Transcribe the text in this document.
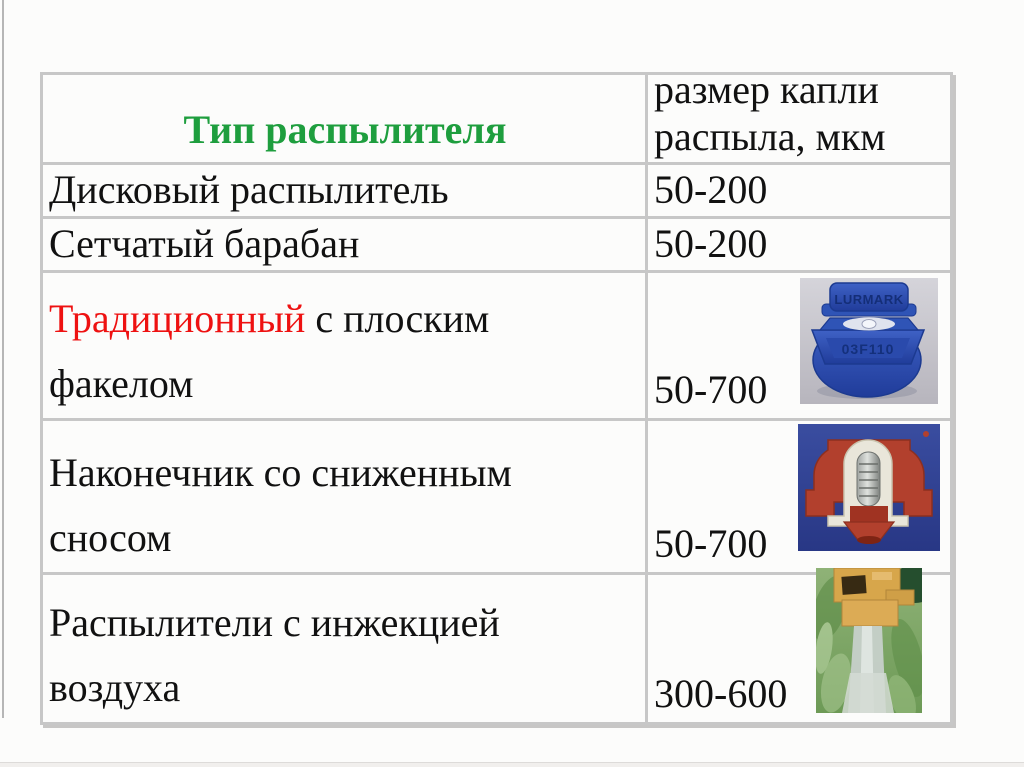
Тип распылителя	размер капли распыла, мкм

Дисковый распылитель	50-200
Сетчатый барабан	50-200
Традиционный с плоским факелом	50-700
03F110
LURMARK

Наконечник со сниженным сносом	50-700

Распылители с инжекцией воздуха	300-600
